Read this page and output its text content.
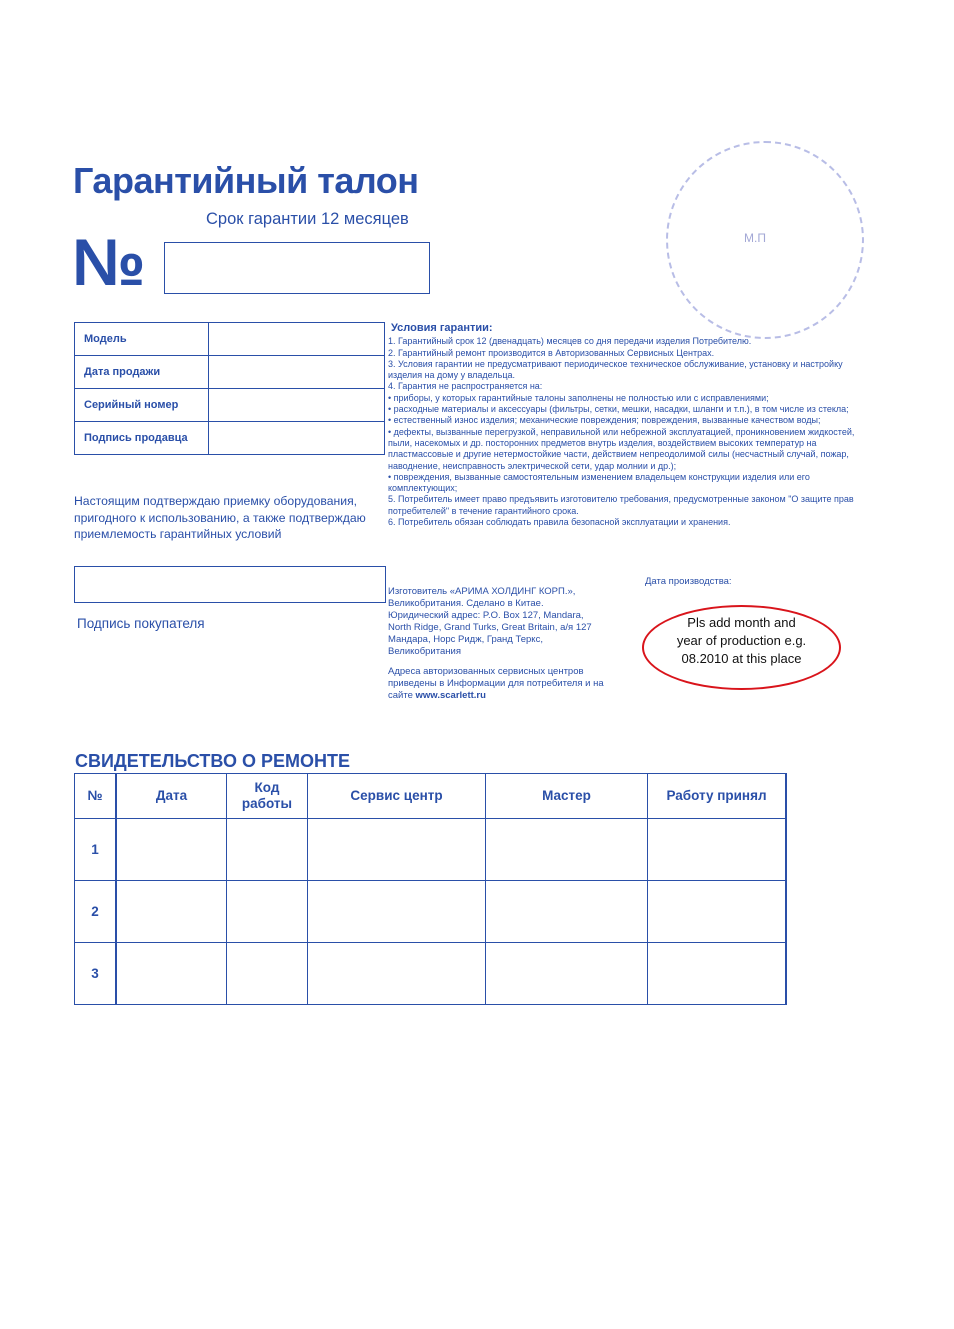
Гарантийный талон
Срок гарантии 12 месяцев
№	М.П
Модель	
Дата продажи	
Серийный номер	
Подпись продавца	
Настоящим подтверждаю приемку оборудования, пригодного к использованию, а также подтверждаю приемлемость гарантийных условий
Подпись покупателя
Условия гарантии:
1. Гарантийный срок 12 (двенадцать) месяцев со дня передачи изделия Потребителю.
2. Гарантийный ремонт производится в Авторизованных Сервисных Центрах.
3. Условия гарантии не предусматривают периодическое техническое обслуживание, установку и настройку изделия на дому у владельца.
4. Гарантия не распространяется на:
• приборы, у которых гарантийные талоны заполнены не полностью или с исправлениями;
• расходные материалы и аксессуары (фильтры, сетки, мешки, насадки, шланги и т.п.), в том числе из стекла;
• естественный износ изделия; механические повреждения; повреждения, вызванные качеством воды;
• дефекты, вызванные перегрузкой, неправильной или небрежной эксплуатацией, проникновением жидкостей, пыли, насекомых и др. посторонних предметов внутрь изделия, воздействием высоких температур на пластмассовые и другие нетермостойкие части, действием непреодолимой силы (несчастный случай, пожар, наводнение, неисправность электрической сети, удар молнии и др.);
• повреждения, вызванные самостоятельным изменением владельцем конструкции изделия или его комплектующих;
5. Потребитель имеет право предъявить изготовителю требования, предусмотренные законом "О защите прав потребителей" в течение гарантийного срока.
6. Потребитель обязан соблюдать правила безопасной эксплуатации и хранения.
Дата производства:
Изготовитель «АРИМА ХОЛДИНГ КОРП.»,
Великобритания. Сделано в Китае.
Юридический адрес: P.O. Box 127, Mandara,
North Ridge, Grand Turks, Great Britain, а/я 127
Мандара, Норс Ридж, Гранд Теркс,
Великобритания
Адреса авторизованных сервисных центров
приведены в Информации для потребителя и на
сайте www.scarlett.ru
Pls add month and
year of production e.g.
08.2010 at this place
СВИДЕТЕЛЬСТВО О РЕМОНТЕ
№	Дата	Код
работы	Сервис центр	Мастер	Работу принял
1					
2					
3					
